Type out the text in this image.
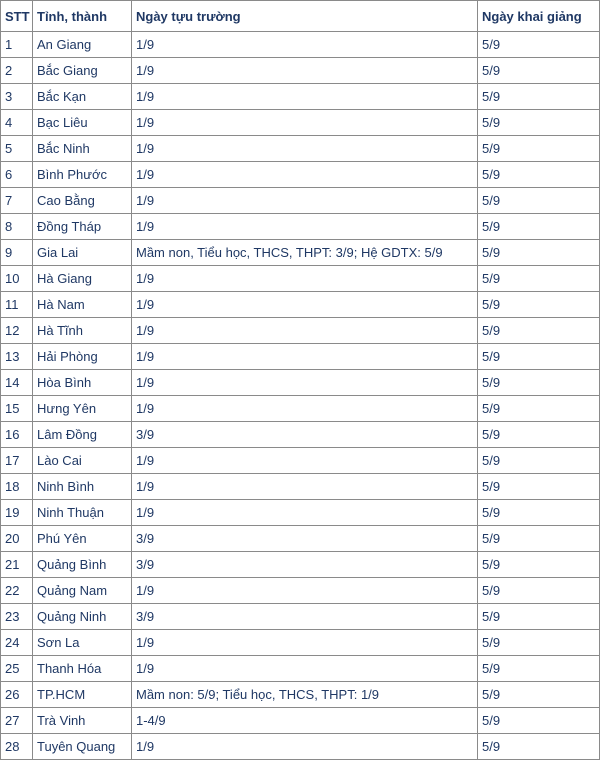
STT	Tỉnh, thành	Ngày tựu trường	Ngày khai giảng
1	An Giang	1/9	5/9
2	Bắc Giang	1/9	5/9
3	Bắc Kạn	1/9	5/9
4	Bạc Liêu	1/9	5/9
5	Bắc Ninh	1/9	5/9
6	Bình Phước	1/9	5/9
7	Cao Bằng	1/9	5/9
8	Đồng Tháp	1/9	5/9
9	Gia Lai	Mầm non, Tiểu học, THCS, THPT: 3/9; Hệ GDTX: 5/9	5/9
10	Hà Giang	1/9	5/9
11	Hà Nam	1/9	5/9
12	Hà Tĩnh	1/9	5/9
13	Hải Phòng	1/9	5/9
14	Hòa Bình	1/9	5/9
15	Hưng Yên	1/9	5/9
16	Lâm Đồng	3/9	5/9
17	Lào Cai	1/9	5/9
18	Ninh Bình	1/9	5/9
19	Ninh Thuận	1/9	5/9
20	Phú Yên	3/9	5/9
21	Quảng Bình	3/9	5/9
22	Quảng Nam	1/9	5/9
23	Quảng Ninh	3/9	5/9
24	Sơn La	1/9	5/9
25	Thanh Hóa	1/9	5/9
26	TP.HCM	Mầm non: 5/9; Tiểu học, THCS, THPT: 1/9	5/9
27	Trà Vinh	1-4/9	5/9
28	Tuyên Quang	1/9	5/9
